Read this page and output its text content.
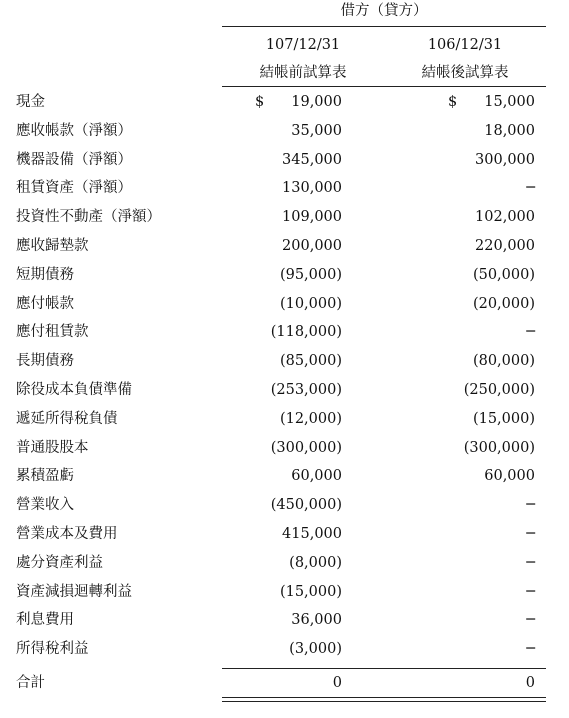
借方（貸方）
107/12/31	106/12/31
結帳前試算表	結帳後試算表
現金	$ 19,000	$ 15,000
應收帳款（淨額）	35,000	18,000
機器設備（淨額）	345,000	300,000
租賃資產（淨額）	130,000	─
投資性不動產（淨額）	109,000	102,000
應收歸墊款	200,000	220,000
短期債務	(95,000)	(50,000)
應付帳款	(10,000)	(20,000)
應付租賃款	(118,000)	─
長期債務	(85,000)	(80,000)
除役成本負債準備	(253,000)	(250,000)
遞延所得稅負債	(12,000)	(15,000)
普通股股本	(300,000)	(300,000)
累積盈虧	60,000	60,000
營業收入	(450,000)	─
營業成本及費用	415,000	─
處分資產利益	(8,000)	─
資產減損迴轉利益	(15,000)	─
利息費用	36,000	─
所得稅利益	(3,000)	─
合計	0	0
